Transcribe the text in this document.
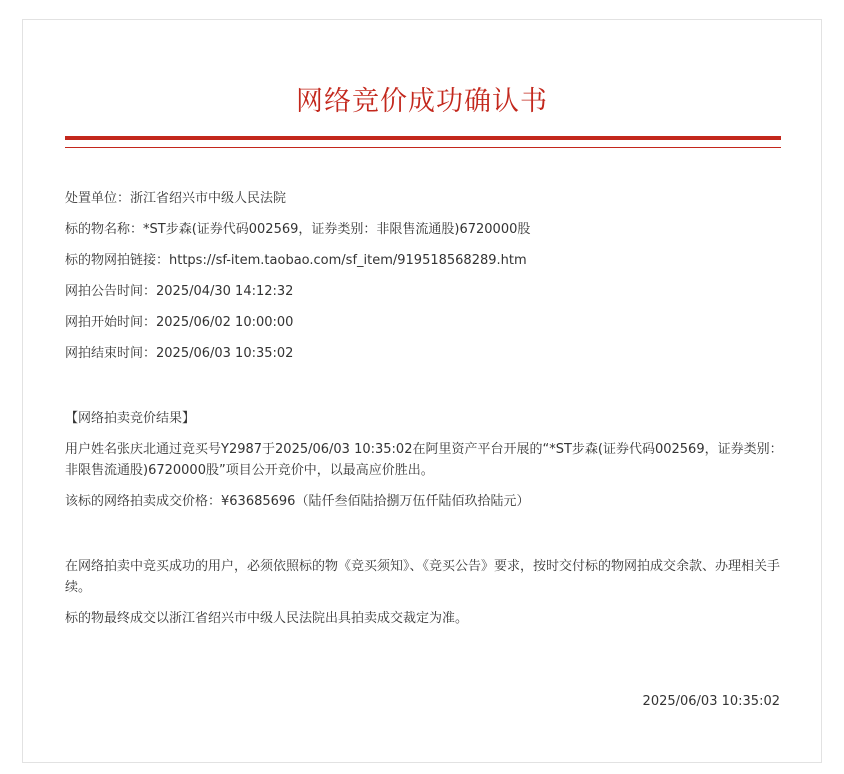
网络竞价成功确认书
处置单位：浙江省绍兴市中级人民法院
标的物名称：*ST步森(证券代码002569，证券类别：非限售流通股)6720000股
标的物网拍链接：https://sf-item.taobao.com/sf_item/919518568289.htm
网拍公告时间：2025/04/30 14:12:32
网拍开始时间：2025/06/02 10:00:00
网拍结束时间：2025/06/03 10:35:02
【网络拍卖竞价结果】
用户姓名张庆北通过竞买号Y2987于2025/06/03 10:35:02在阿里资产平台开展的“*ST步森(证券代码002569，证券类别：非限售流通股)6720000股”项目公开竞价中，以最高应价胜出。
该标的网络拍卖成交价格：¥63685696（陆仟叁佰陆拾捌万伍仟陆佰玖拾陆元）
在网络拍卖中竞买成功的用户，必须依照标的物《竞买须知》、《竞买公告》要求，按时交付标的物网拍成交余款、办理相关手续。
标的物最终成交以浙江省绍兴市中级人民法院出具拍卖成交裁定为准。
2025/06/03 10:35:02
